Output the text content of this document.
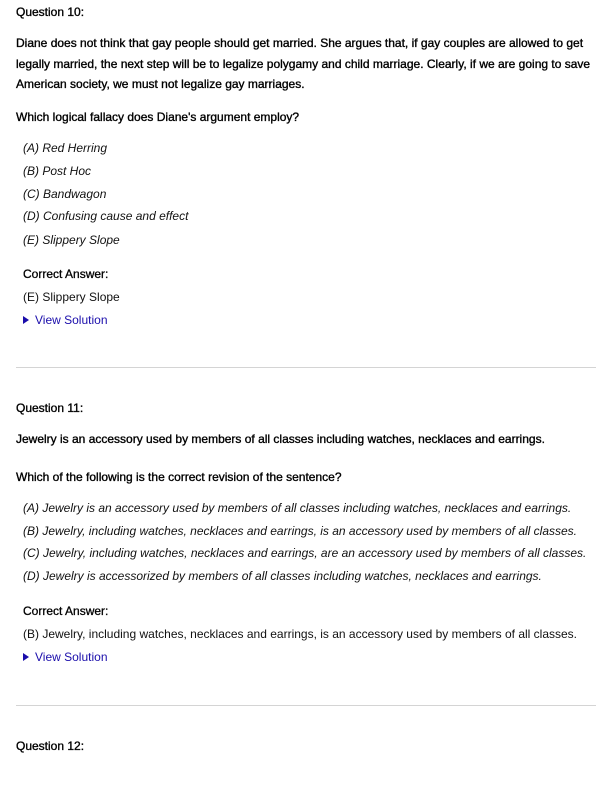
Question 10:
Diane does not think that gay people should get married. She argues that, if gay couples are allowed to get legally married, the next step will be to legalize polygamy and child marriage. Clearly, if we are going to save American society, we must not legalize gay marriages.
Which logical fallacy does Diane's argument employ?
(A) Red Herring
(B) Post Hoc
(C) Bandwagon
(D) Confusing cause and effect
(E) Slippery Slope
Correct Answer:
(E) Slippery Slope
View Solution
Question 11:
Jewelry is an accessory used by members of all classes including watches, necklaces and earrings.
Which of the following is the correct revision of the sentence?
(A) Jewelry is an accessory used by members of all classes including watches, necklaces and earrings.
(B) Jewelry, including watches, necklaces and earrings, is an accessory used by members of all classes.
(C) Jewelry, including watches, necklaces and earrings, are an accessory used by members of all classes.
(D) Jewelry is accessorized by members of all classes including watches, necklaces and earrings.
Correct Answer:
(B) Jewelry, including watches, necklaces and earrings, is an accessory used by members of all classes.
View Solution
Question 12:
